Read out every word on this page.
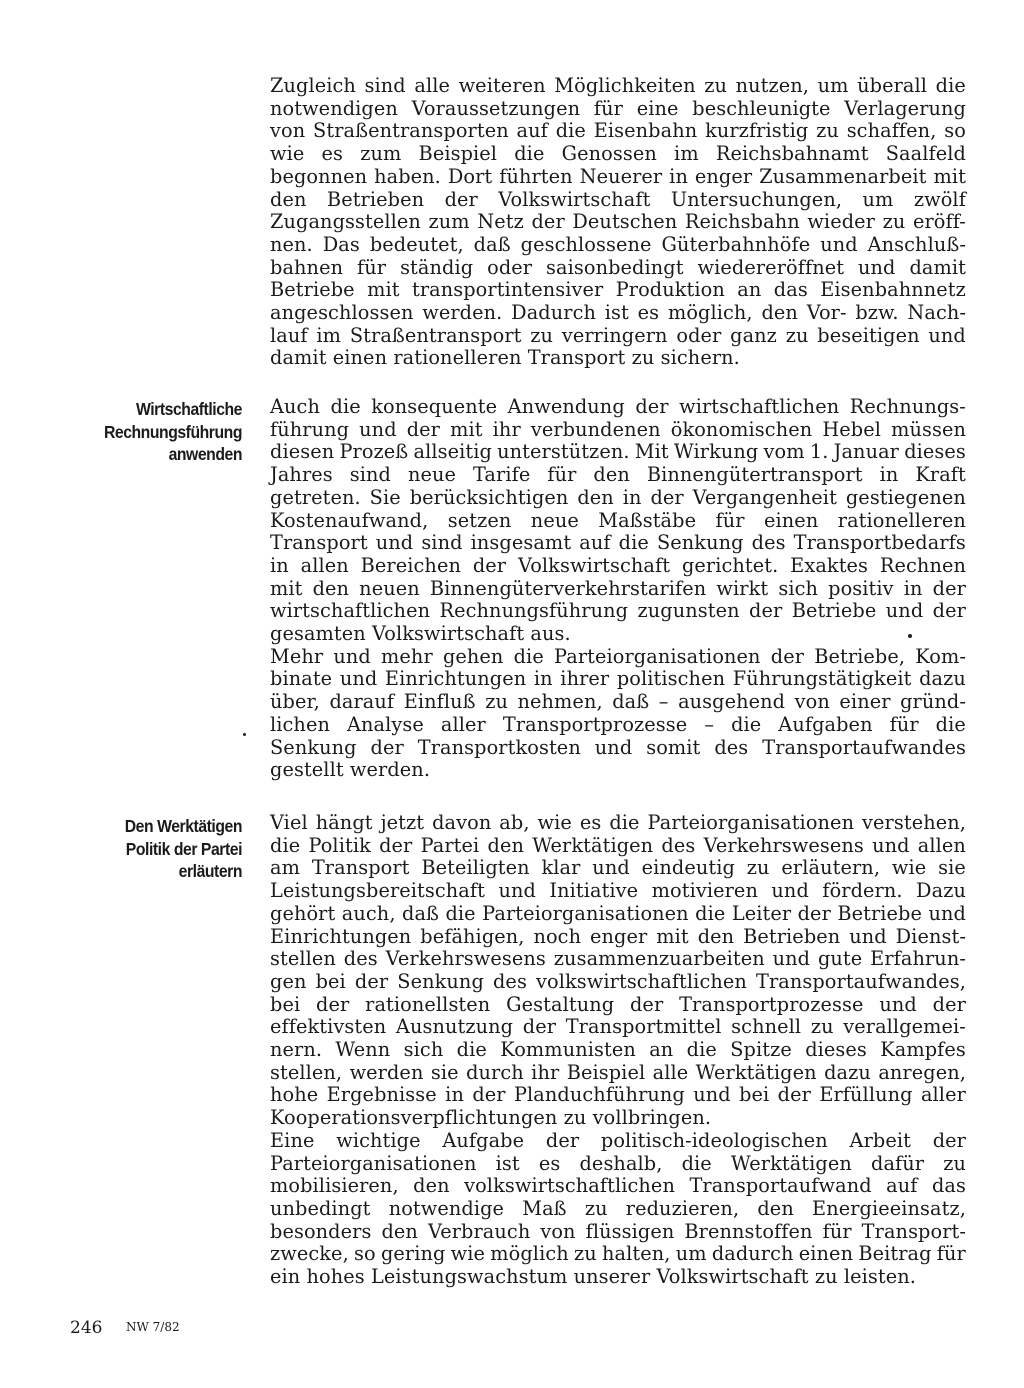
Zugleich sind alle weiteren Möglichkeiten zu nutzen, um überall die
notwendigen Voraussetzungen für eine beschleunigte Verlagerung
von Straßentransporten auf die Eisenbahn kurzfristig zu schaffen, so
wie es zum Beispiel die Genossen im Reichsbahnamt Saalfeld
begonnen haben. Dort führten Neuerer in enger Zusammenarbeit mit
den Betrieben der Volkswirtschaft Untersuchungen, um zwölf
Zugangsstellen zum Netz der Deutschen Reichsbahn wieder zu eröff-
nen. Das bedeutet, daß geschlossene Güterbahnhöfe und Anschluß-
bahnen für ständig oder saisonbedingt wiedereröffnet und damit
Betriebe mit transportintensiver Produktion an das Eisenbahnnetz
angeschlossen werden. Dadurch ist es möglich, den Vor- bzw. Nach-
lauf im Straßentransport zu verringern oder ganz zu beseitigen und
damit einen rationelleren Transport zu sichern.
Wirtschaftliche
Rechnungsführung
anwenden
Auch die konsequente Anwendung der wirtschaftlichen Rechnungs-
führung und der mit ihr verbundenen ökonomischen Hebel müssen
diesen Prozeß allseitig unterstützen. Mit Wirkung vom 1. Januar dieses
Jahres sind neue Tarife für den Binnengütertransport in Kraft
getreten. Sie berücksichtigen den in der Vergangenheit gestiegenen
Kostenaufwand, setzen neue Maßstäbe für einen rationelleren
Transport und sind insgesamt auf die Senkung des Transportbedarfs
in allen Bereichen der Volkswirtschaft gerichtet. Exaktes Rechnen
mit den neuen Binnengüterverkehrstarifen wirkt sich positiv in der
wirtschaftlichen Rechnungsführung zugunsten der Betriebe und der
gesamten Volkswirtschaft aus.
Mehr und mehr gehen die Parteiorganisationen der Betriebe, Kom-
binate und Einrichtungen in ihrer politischen Führungstätigkeit dazu
über, darauf Einfluß zu nehmen, daß – ausgehend von einer gründ-
lichen Analyse aller Transportprozesse – die Aufgaben für die
Senkung der Transportkosten und somit des Transportaufwandes
gestellt werden.
Den Werktätigen
Politik der Partei
erläutern
Viel hängt jetzt davon ab, wie es die Parteiorganisationen verstehen,
die Politik der Partei den Werktätigen des Verkehrswesens und allen
am Transport Beteiligten klar und eindeutig zu erläutern, wie sie
Leistungsbereitschaft und Initiative motivieren und fördern. Dazu
gehört auch, daß die Parteiorganisationen die Leiter der Betriebe und
Einrichtungen befähigen, noch enger mit den Betrieben und Dienst-
stellen des Verkehrswesens zusammenzuarbeiten und gute Erfahrun-
gen bei der Senkung des volkswirtschaftlichen Transportaufwandes,
bei der rationellsten Gestaltung der Transportprozesse und der
effektivsten Ausnutzung der Transportmittel schnell zu verallgemei-
nern. Wenn sich die Kommunisten an die Spitze dieses Kampfes
stellen, werden sie durch ihr Beispiel alle Werktätigen dazu anregen,
hohe Ergebnisse in der Planduchführung und bei der Erfüllung aller
Kooperationsverpflichtungen zu vollbringen.
Eine wichtige Aufgabe der politisch-ideologischen Arbeit der
Parteiorganisationen ist es deshalb, die Werktätigen dafür zu
mobilisieren, den volkswirtschaftlichen Transportaufwand auf das
unbedingt notwendige Maß zu reduzieren, den Energieeinsatz,
besonders den Verbrauch von flüssigen Brennstoffen für Transport-
zwecke, so gering wie möglich zu halten, um dadurch einen Beitrag für
ein hohes Leistungswachstum unserer Volkswirtschaft zu leisten.
246 NW 7/82
